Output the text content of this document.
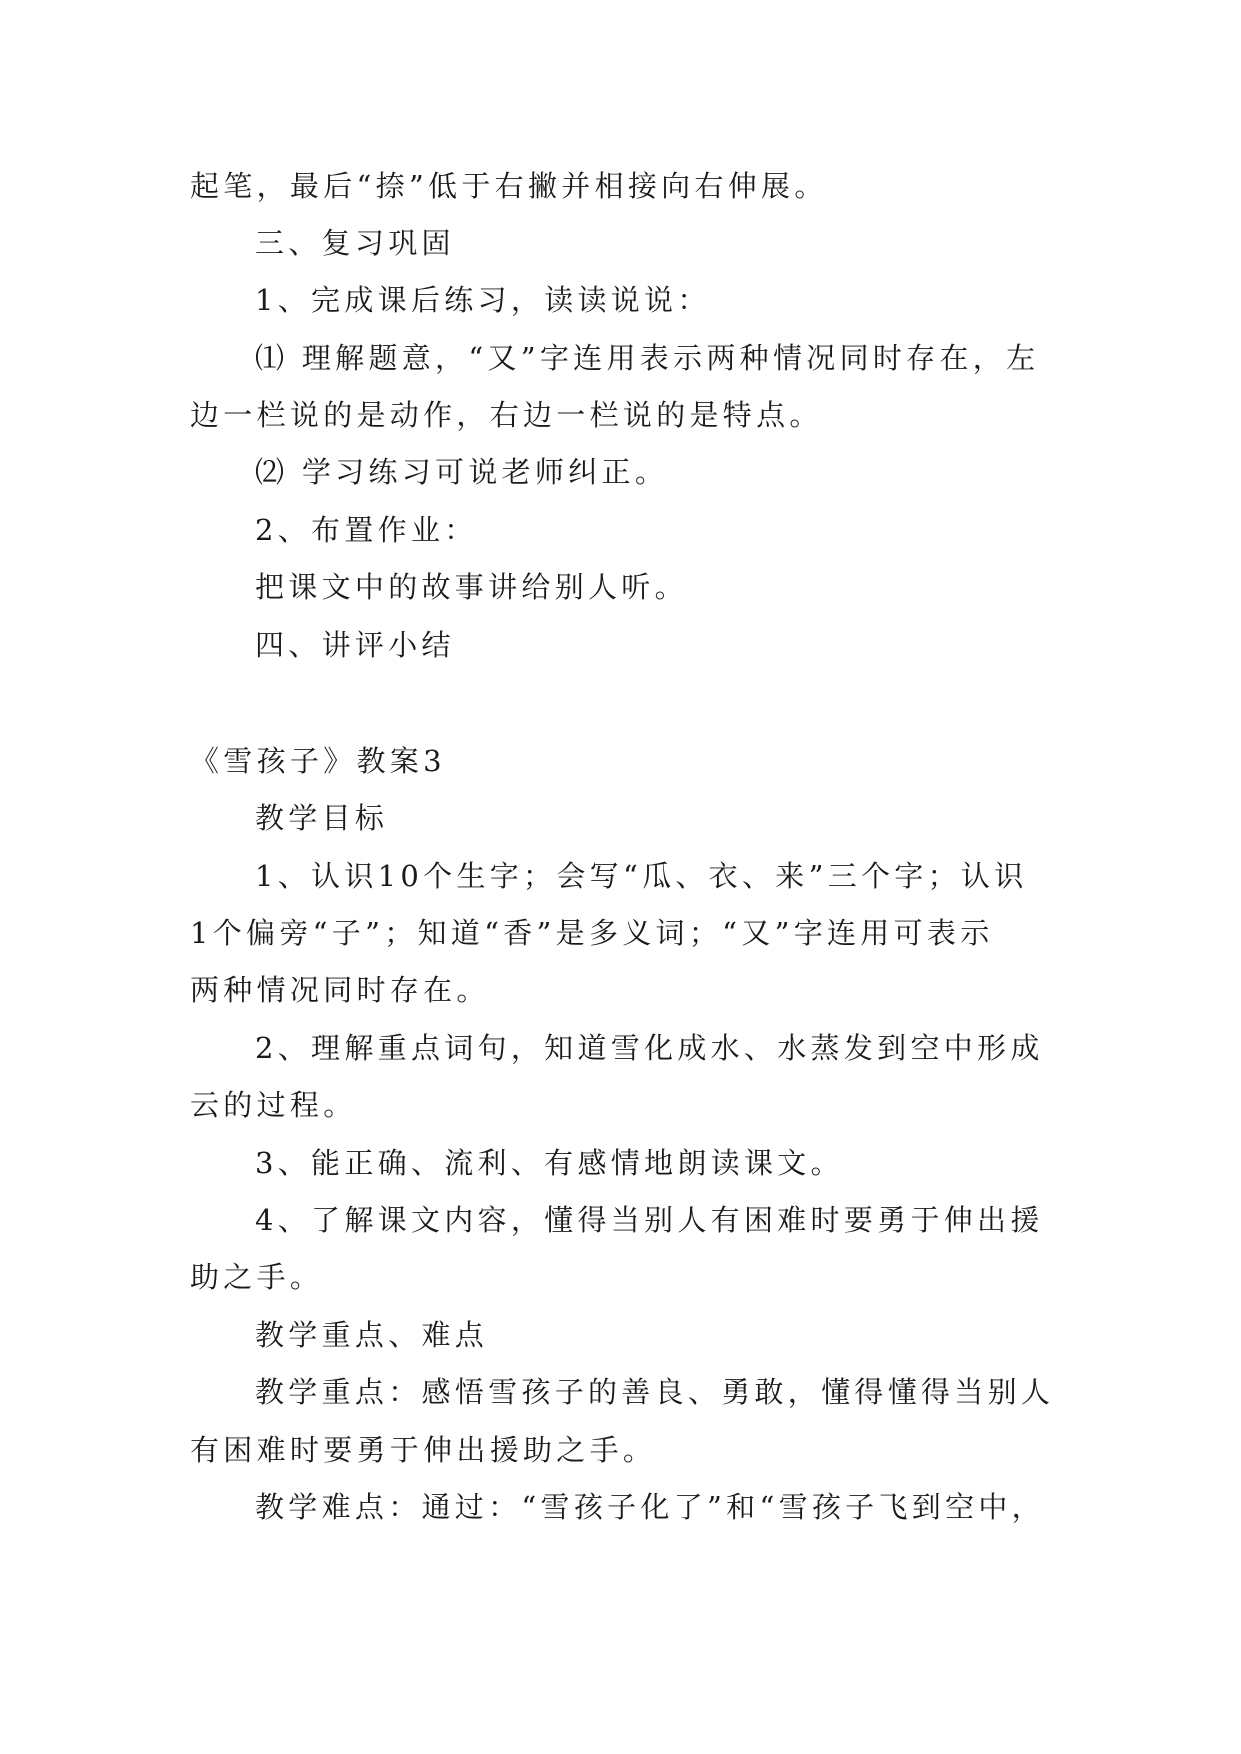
起笔，最后“捺”低于右撇并相接向右伸展。
三、复习巩固
1、完成课后练习，读读说说：
⑴ 理解题意，“又”字连用表示两种情况同时存在，左
边一栏说的是动作，右边一栏说的是特点。
⑵ 学习练习可说老师纠正。
2、布置作业：
把课文中的故事讲给别人听。
四、讲评小结
《雪孩子》教案3
教学目标
1、认识10个生字；会写“瓜、衣、来”三个字；认识
1个偏旁“子”；知道“香”是多义词；“又”字连用可表示
两种情况同时存在。
2、理解重点词句，知道雪化成水、水蒸发到空中形成
云的过程。
3、能正确、流利、有感情地朗读课文。
4、了解课文内容，懂得当别人有困难时要勇于伸出援
助之手。
教学重点、难点
教学重点：感悟雪孩子的善良、勇敢，懂得懂得当别人
有困难时要勇于伸出援助之手。
教学难点：通过：“雪孩子化了”和“雪孩子飞到空中，
